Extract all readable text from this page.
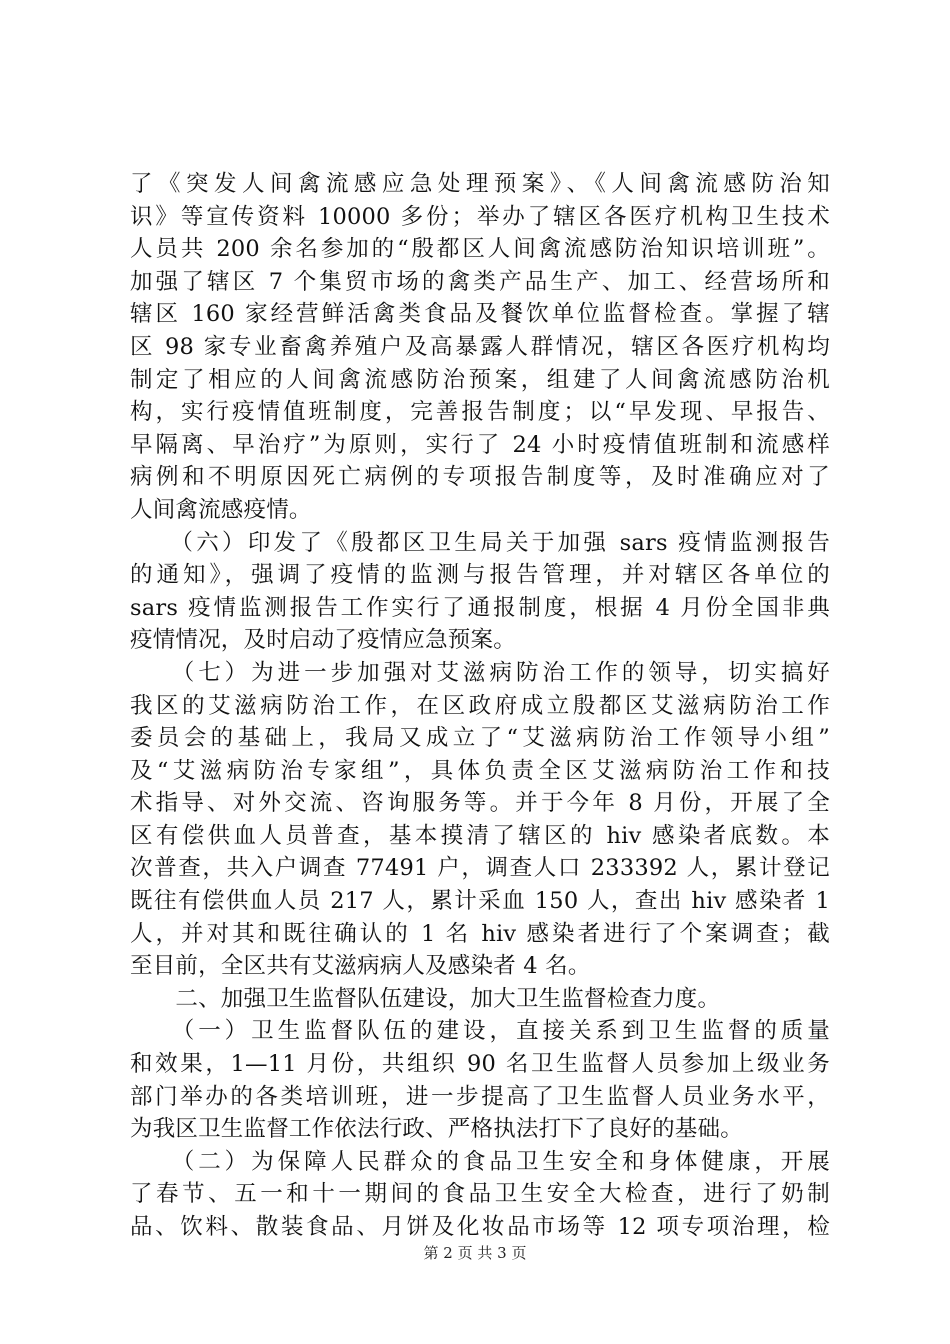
了《突发人间禽流感应急处理预案》、《人间禽流感防治知
识》等宣传资料 10000 多份；举办了辖区各医疗机构卫生技术
人员共 200 余名参加的“殷都区人间禽流感防治知识培训班”。
加强了辖区 7 个集贸市场的禽类产品生产、加工、经营场所和
辖区 160 家经营鲜活禽类食品及餐饮单位监督检查。掌握了辖
区 98 家专业畜禽养殖户及高暴露人群情况，辖区各医疗机构均
制定了相应的人间禽流感防治预案，组建了人间禽流感防治机
构，实行疫情值班制度，完善报告制度；以“早发现、早报告、
早隔离、早治疗”为原则，实行了 24 小时疫情值班制和流感样
病例和不明原因死亡病例的专项报告制度等，及时准确应对了
人间禽流感疫情。
　　（六）印发了《殷都区卫生局关于加强 sars 疫情监测报告
的通知》，强调了疫情的监测与报告管理，并对辖区各单位的
sars 疫情监测报告工作实行了通报制度，根据 4 月份全国非典
疫情情况，及时启动了疫情应急预案。
　　（七）为进一步加强对艾滋病防治工作的领导，切实搞好
我区的艾滋病防治工作，在区政府成立殷都区艾滋病防治工作
委员会的基础上，我局又成立了“艾滋病防治工作领导小组”
及“艾滋病防治专家组”，具体负责全区艾滋病防治工作和技
术指导、对外交流、咨询服务等。并于今年 8 月份，开展了全
区有偿供血人员普查，基本摸清了辖区的 hiv 感染者底数。本
次普查，共入户调查 77491 户，调查人口 233392 人，累计登记
既往有偿供血人员 217 人，累计采血 150 人，查出 hiv 感染者 1
人，并对其和既往确认的 1 名 hiv 感染者进行了个案调查；截
至目前，全区共有艾滋病病人及感染者 4 名。
　　二、加强卫生监督队伍建设，加大卫生监督检查力度。
　　（一）卫生监督队伍的建设，直接关系到卫生监督的质量
和效果，1—11 月份，共组织 90 名卫生监督人员参加上级业务
部门举办的各类培训班，进一步提高了卫生监督人员业务水平，
为我区卫生监督工作依法行政、严格执法打下了良好的基础。
　　（二）为保障人民群众的食品卫生安全和身体健康，开展
了春节、五一和十一期间的食品卫生安全大检查，进行了奶制
品、饮料、散装食品、月饼及化妆品市场等 12 项专项治理，检
第 2 页 共 3 页
